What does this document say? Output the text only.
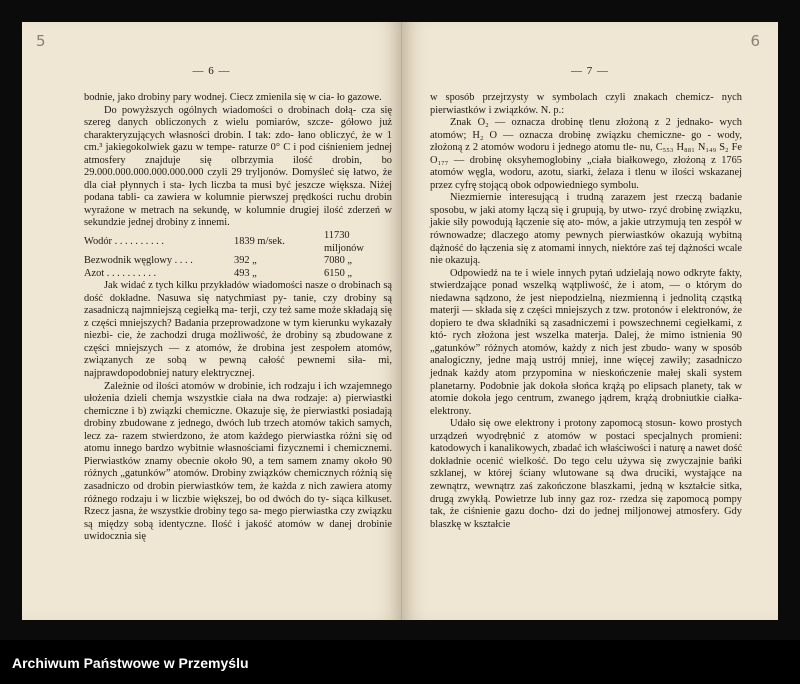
5
— 6 —

bodnie, jako drobiny pary wodnej. Ciecz zmienila się w cia- ło gazowe.

Do powyższych ogólnych wiadomości o drobinach dołą- cza się szereg danych obliczonych z wielu pomiarów, szcze- gółowo już charakteryzujących własności drobin. I tak: zdo- łano obliczyć, że w 1 cm.³ jakiegokolwiek gazu w tempe- raturze 0° C i pod ciśnieniem jednej atmosfery znajduje się olbrzymia ilość drobin, bo 29.000.000.000.000.000.000 czyli 29 tryljonów. Domyśleć się łatwo, że dla ciał płynnych i sta- łych liczba ta musi być jeszcze większa. Niżej podana tabli- ca zawiera w kolumnie pierwszej prędkości ruchu drobin wyrażone w metrach na sekundę, w kolumnie drugiej ilość zderzeń w sekundzie jednej drobiny z innemi.

Wodór . . . . . . . . . .	1839 m/sek.	11730 miljonów
Bezwodnik węglowy . . . .	392 „	7080 „
Azot . . . . . . . . . .	493 „	6150 „

Jak widać z tych kilku przykładów wiadomości nasze o drobinach są dość dokładne. Nasuwa się natychmiast py- tanie, czy drobiny są zasadniczą najmniejszą cegiełką ma- terji, czy też same może składają się z części mniejszych? Badania przeprowadzone w tym kierunku wykazały niezbi- cie, że zachodzi druga możliwość, że drobiny są zbudowane z części mniejszych — z atomów, że drobina jest zespołem atomów, związanych ze sobą w pewną całość pewnemi siła- mi, najprawdopodobniej natury elektrycznej.

Zależnie od ilości atomów w drobinie, ich rodzaju i ich wzajemnego ułożenia dzieli chemja wszystkie ciała na dwa rodzaje: a) pierwiastki chemiczne i b) związki chemiczne. Okazuje się, że pierwiastki posiadają drobiny zbudowane z jednego, dwóch lub trzech atomów takich samych, lecz za- razem stwierdzono, że atom każdego pierwiastka różni się od atomu innego bardzo wybitnie własnościami fizycznemi i chemicznemi. Pierwiastków znamy obecnie około 90, a tem samem znamy około 90 różnych „gatunków” atomów. Drobiny związków chemicznych różnią się zasadniczo od drobin pierwiastków tem, że każda z nich zawiera atomy różnego rodzaju i w liczbie większej, bo od dwóch do ty- siąca kilkuset. Rzecz jasna, że wszystkie drobiny tego sa- mego pierwiastka czy związku są między sobą identyczne. Ilość i jakość atomów w danej drobinie uwidocznia się

6
— 7 —

w sposób przejrzysty w symbolach czyli znakach chemicz- nych pierwiastków i związków. N. p.:

Znak O₂ — oznacza drobinę tlenu złożoną z 2 jednako- wych atomów; H₂ O — oznacza drobinę związku chemiczne- go - wody, złożoną z 2 atomów wodoru i jednego atomu tle- nu, C₅₅₃ H₈₈₁ N₁₄₉ S₂ Fe O₁₇₇ — drobinę oksyhemoglobiny „ciała białkowego, złożoną z 1765 atomów węgla, wodoru, azotu, siarki, żelaza i tlenu w ilości wskazanej przez cyfrę stojącą obok odpowiedniego symbolu.

Niezmiernie interesującą i trudną zarazem jest rzeczą badanie sposobu, w jaki atomy łączą się i grupują, by utwo- rzyć drobinę związku, jakie siły powodują łączenie się ato- mów, a jakie utrzymują ten zespół w równowadze; dlaczego atomy pewnych pierwiastków okazują wybitną dążność do łączenia się z atomami innych, niektóre zaś tej dążności wcale nie okazują.

Odpowiedź na te i wiele innych pytań udzielają nowo odkryte fakty, stwierdzające ponad wszelką wątpliwość, że i atom, — o którym do niedawna sądzono, że jest niepodzielną, niezmienną i jednolitą cząstką materji — składa się z części mniejszych z tzw. protonów i elektronów, że dopiero te dwa składniki są zasadniczemi i powszechnemi cegiełkami, z któ- rych złożona jest wszelka materja. Dalej, że mimo istnienia 90 „gatunków” różnych atomów, każdy z nich jest zbudo- wany w sposób analogiczny, jedne mają ustrój mniej, inne więcej zawiły; zasadniczo jednak każdy atom przypomina w nieskończenie małej skali system planetarny. Podobnie jak dokoła słońca krążą po elipsach planety, tak w atomie dokoła jego centrum, zwanego jądrem, krążą drobniutkie ciałka- elektrony.

Udało się owe elektrony i protony zapomocą stosun- kowo prostych urządzeń wyodrębnić z atomów w postaci specjalnych promieni: katodowych i kanalikowych, zbadać ich właściwości i naturę a nawet dość dokładnie ocenić wielkość. Do tego celu używa się zwyczajnie bańki szklanej, w której ściany wlutowane są dwa druciki, wystające na zewnątrz, wewnątrz zaś zakończone blaszkami, jedną w kształcie sitka, drugą zwykłą. Powietrze lub inny gaz roz- rzedza się zapomocą pompy tak, że ciśnienie gazu docho- dzi do jednej miljonowej atmosfery. Gdy blaszkę w kształcie

Archiwum Państwowe w Przemyślu
